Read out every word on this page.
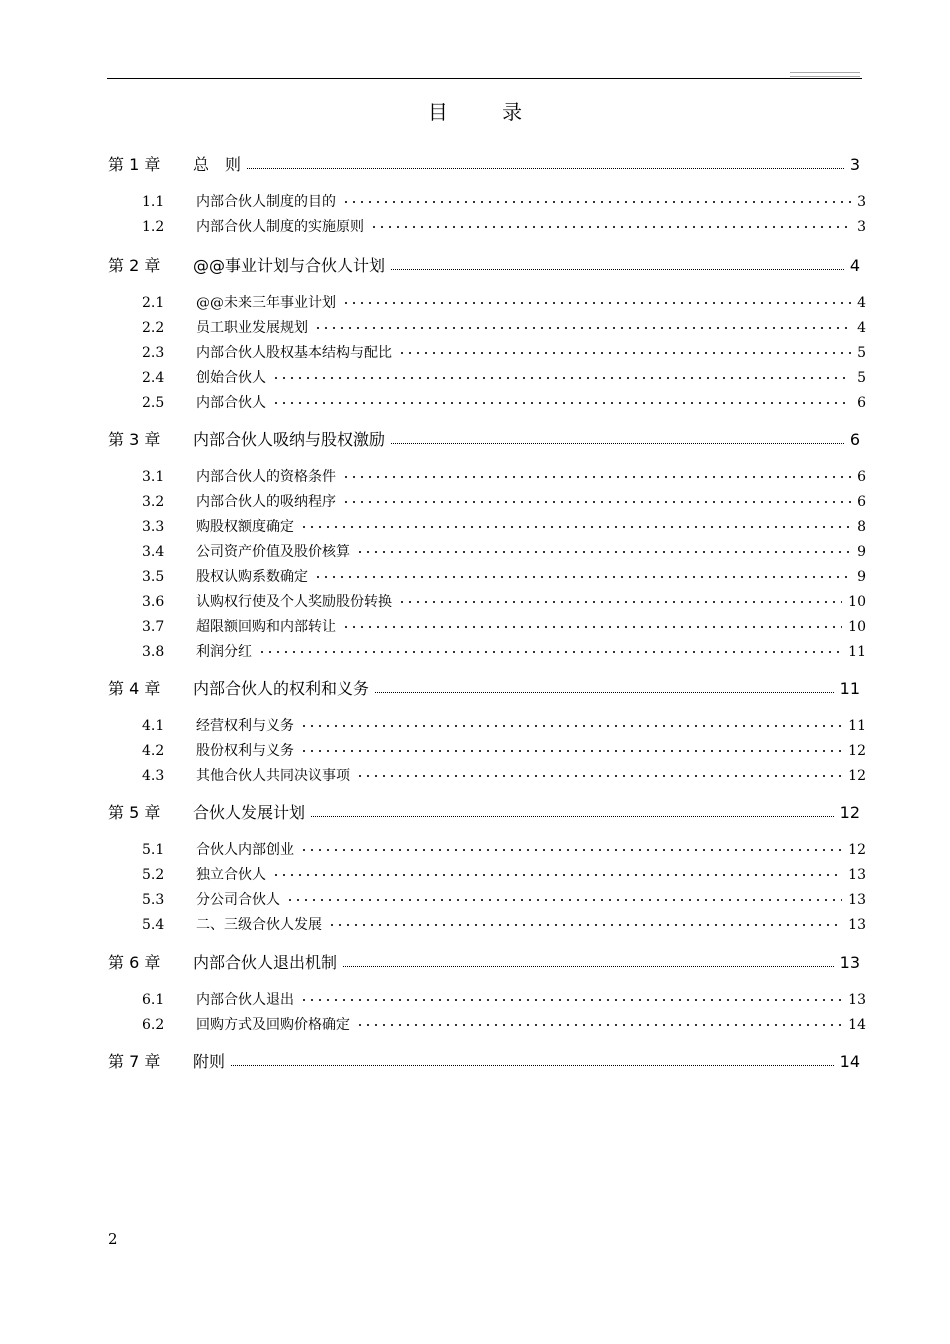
目 录
第 1 章	总　则	3
1.1	内部合伙人制度的目的	3
1.2	内部合伙人制度的实施原则	3
第 2 章	@@事业计划与合伙人计划	4
2.1	@@未来三年事业计划	4
2.2	员工职业发展规划	4
2.3	内部合伙人股权基本结构与配比	5
2.4	创始合伙人	5
2.5	内部合伙人	6
第 3 章	内部合伙人吸纳与股权激励	6
3.1	内部合伙人的资格条件	6
3.2	内部合伙人的吸纳程序	6
3.3	购股权额度确定	8
3.4	公司资产价值及股价核算	9
3.5	股权认购系数确定	9
3.6	认购权行使及个人奖励股份转换	10
3.7	超限额回购和内部转让	10
3.8	利润分红	11
第 4 章	内部合伙人的权利和义务	11
4.1	经营权利与义务	11
4.2	股份权利与义务	12
4.3	其他合伙人共同决议事项	12
第 5 章	合伙人发展计划	12
5.1	合伙人内部创业	12
5.2	独立合伙人	13
5.3	分公司合伙人	13
5.4	二、三级合伙人发展	13
第 6 章	内部合伙人退出机制	13
6.1	内部合伙人退出	13
6.2	回购方式及回购价格确定	14
第 7 章	附则	14
2
